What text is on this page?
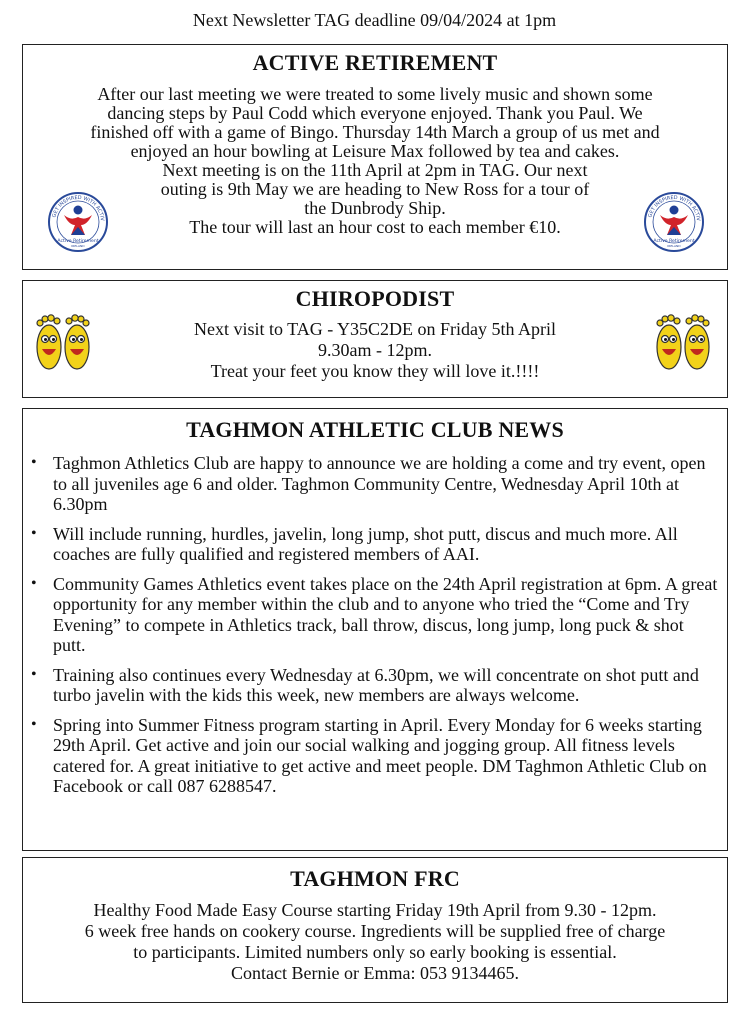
Next Newsletter TAG deadline 09/04/2024 at 1pm
ACTIVE RETIREMENT
After our last meeting we were treated to some lively music and shown some
dancing steps by Paul Codd which everyone enjoyed. Thank you Paul. We
finished off with a game of Bingo. Thursday 14th March a group of us met and
enjoyed an hour bowling at Leisure Max followed by tea and cakes.
Next meeting is on the 11th April at 2pm in TAG. Our next
outing is 9th May we are heading to New Ross for a tour of
the Dunbrody Ship.
The tour will last an hour cost to each member €10.
GET INSPIRED WITH ACTIV
Active Retirement
IRELAND
GET INSPIRED WITH ACTIV
Active Retirement
IRELAND
CHIROPODIST
Next visit to TAG - Y35C2DE on Friday 5th April
9.30am - 12pm.
Treat your feet you know they will love it.!!!!
TAGHMON ATHLETIC CLUB NEWS
• Taghmon Athletics Club are happy to announce we are holding a come and try event, open to all juveniles age 6 and older. Taghmon Community Centre, Wednesday April 10th at 6.30pm
• Will include running, hurdles, javelin, long jump, shot putt, discus and much more. All coaches are fully qualified and registered members of AAI.
• Community Games Athletics event takes place on the 24th April registration at 6pm. A great opportunity for any member within the club and to anyone who tried the “Come and Try Evening” to compete in Athletics track, ball throw, discus, long jump, long puck & shot putt.
• Training also continues every Wednesday at 6.30pm, we will concentrate on shot putt and turbo javelin with the kids this week, new members are always welcome.
• Spring into Summer Fitness program starting in April. Every Monday for 6 weeks starting 29th April. Get active and join our social walking and jogging group. All fitness levels catered for. A great initiative to get active and meet people. DM Taghmon Athletic Club on Facebook or call 087 6288547.
TAGHMON FRC
Healthy Food Made Easy Course starting Friday 19th April from 9.30 - 12pm.
6 week free hands on cookery course. Ingredients will be supplied free of charge
to participants. Limited numbers only so early booking is essential.
Contact Bernie or Emma: 053 9134465.
